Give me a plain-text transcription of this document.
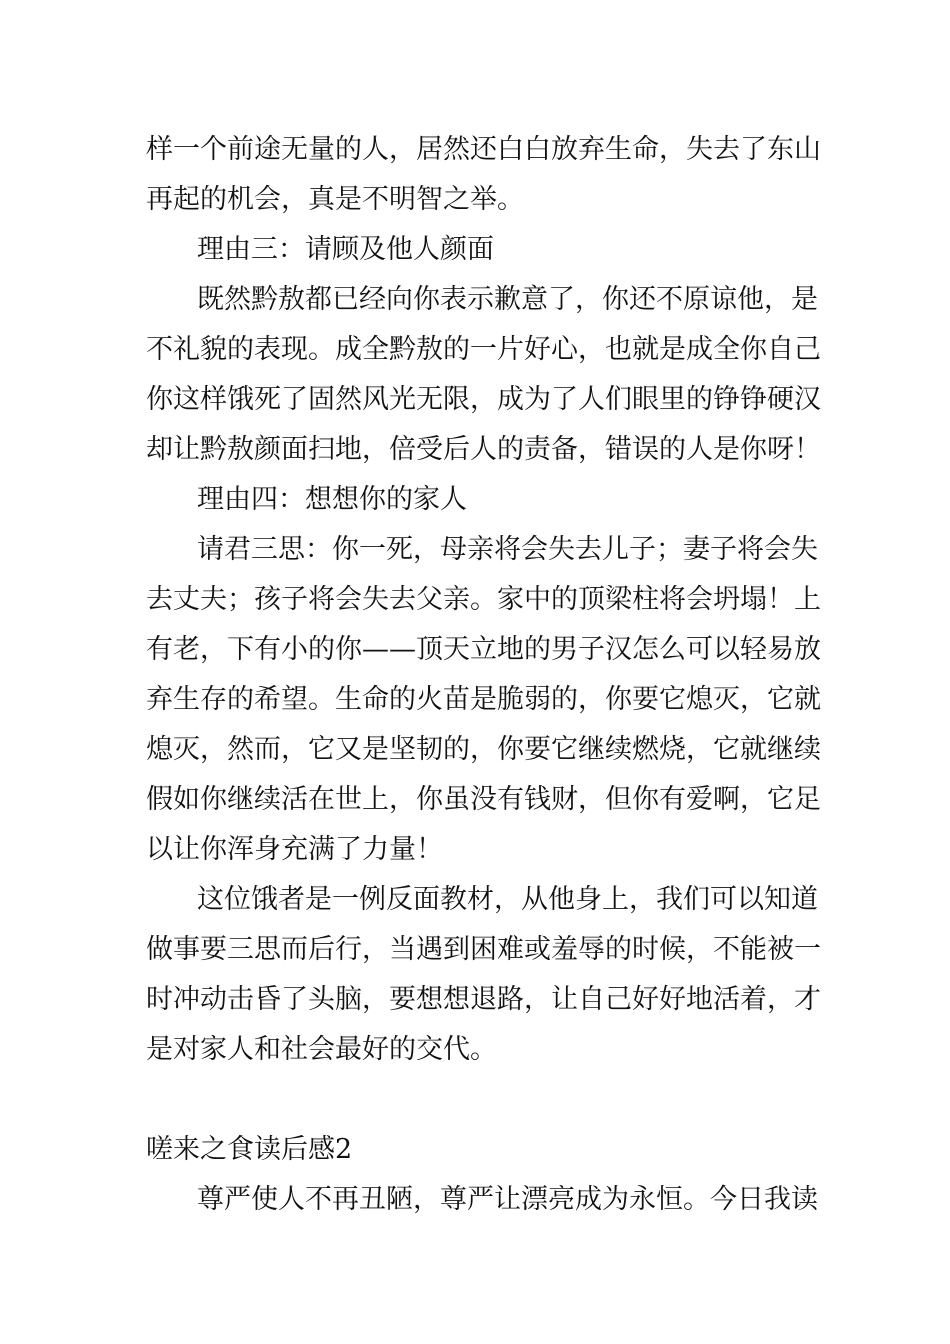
样一个前途无量的人，居然还白白放弃生命，失去了东山
再起的机会，真是不明智之举。
理由三：请顾及他人颜面
既然黔敖都已经向你表示歉意了，你还不原谅他，是
不礼貌的表现。成全黔敖的一片好心，也就是成全你自己
你这样饿死了固然风光无限，成为了人们眼里的铮铮硬汉
却让黔敖颜面扫地，倍受后人的责备，错误的人是你呀！
理由四：想想你的家人
请君三思：你一死，母亲将会失去儿子；妻子将会失
去丈夫；孩子将会失去父亲。家中的顶梁柱将会坍塌！上
有老，下有小的你——顶天立地的男子汉怎么可以轻易放
弃生存的希望。生命的火苗是脆弱的，你要它熄灭，它就
熄灭，然而，它又是坚韧的，你要它继续燃烧，它就继续
假如你继续活在世上，你虽没有钱财，但你有爱啊，它足
以让你浑身充满了力量！
这位饿者是一例反面教材，从他身上，我们可以知道
做事要三思而后行，当遇到困难或羞辱的时候，不能被一
时冲动击昏了头脑，要想想退路，让自己好好地活着，才
是对家人和社会最好的交代。
嗟来之食读后感2
尊严使人不再丑陋，尊严让漂亮成为永恒。今日我读
